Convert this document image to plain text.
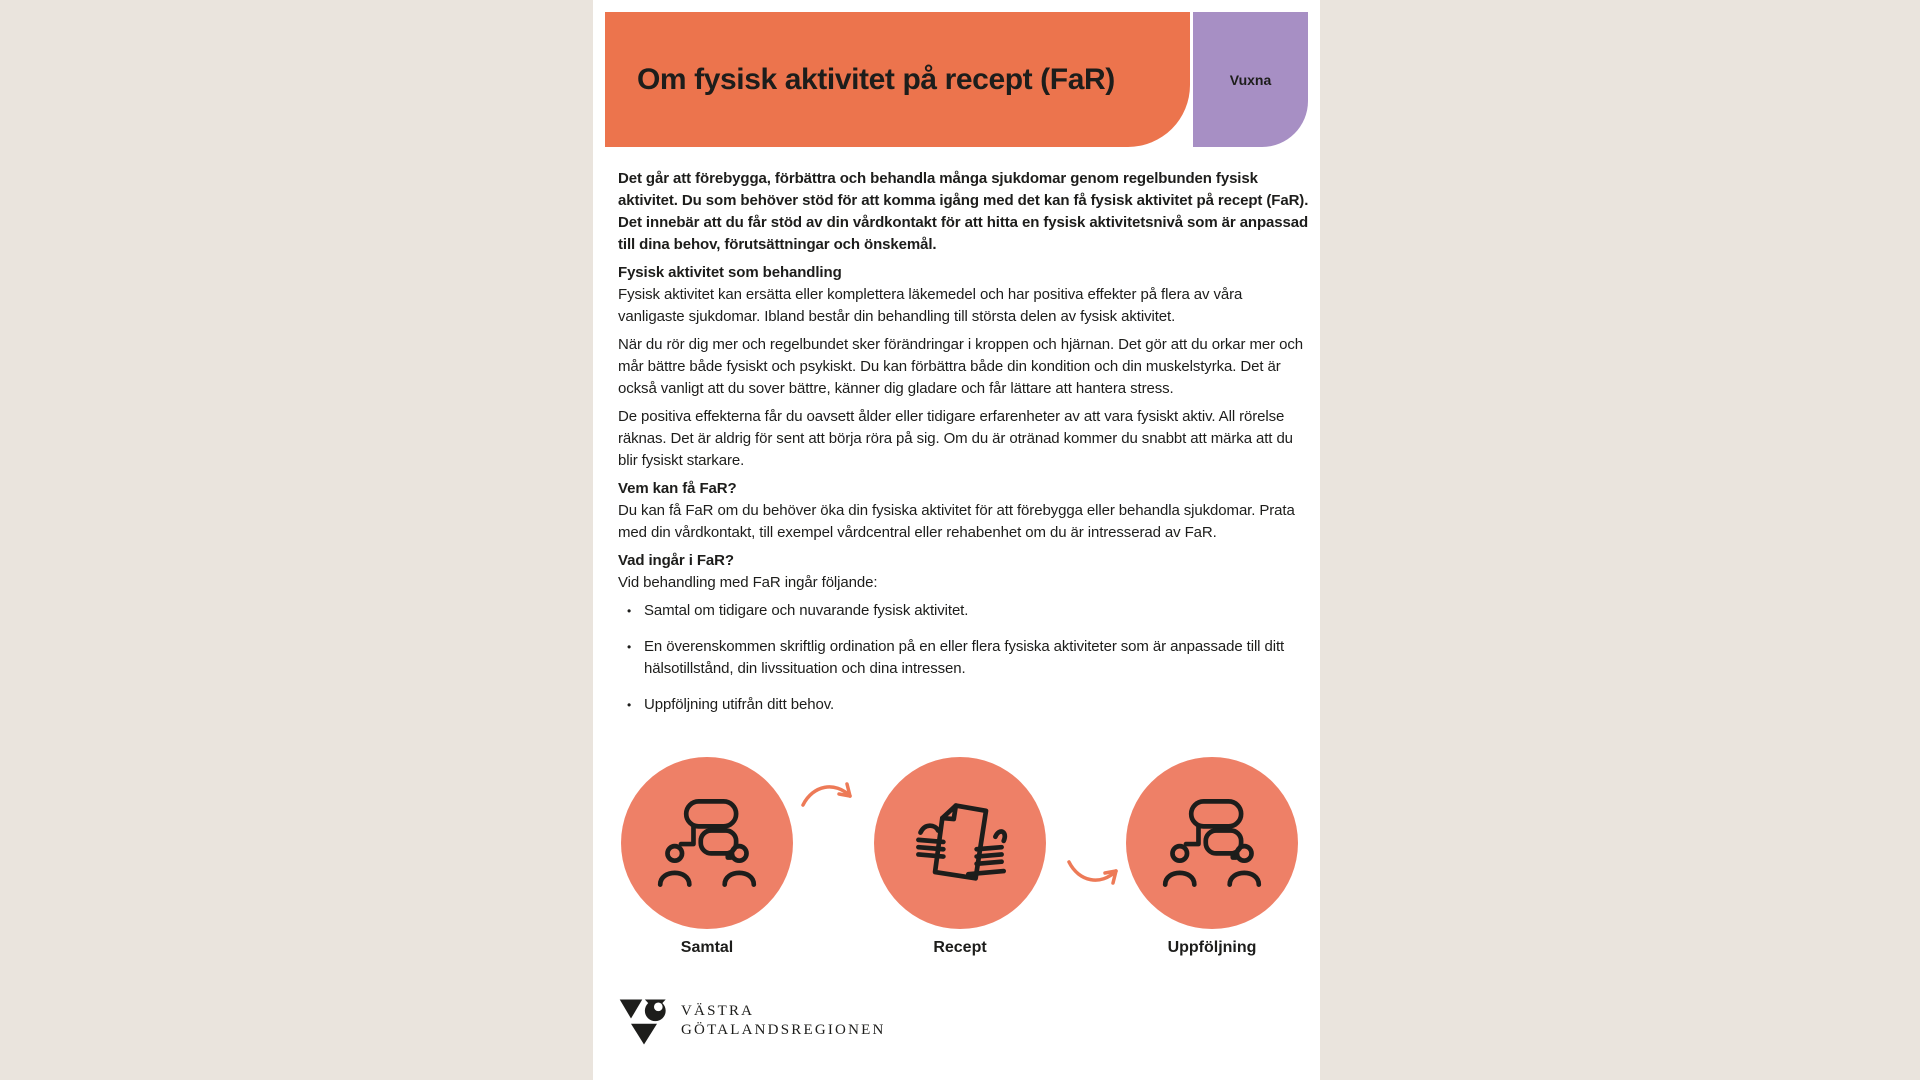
Om fysisk aktivitet på recept (FaR)	Vuxna

Det går att förebygga, förbättra och behandla många sjukdomar genom regelbunden fysisk aktivitet. Du som behöver stöd för att komma igång med det kan få fysisk aktivitet på recept (FaR). Det innebär att du får stöd av din vårdkontakt för att hitta en fysisk aktivitetsnivå som är anpassad till dina behov, förutsättningar och önskemål.

Fysisk aktivitet som behandling

Fysisk aktivitet kan ersätta eller komplettera läkemedel och har positiva effekter på flera av våra vanligaste sjukdomar. Ibland består din behandling till största delen av fysisk aktivitet.

När du rör dig mer och regelbundet sker förändringar i kroppen och hjärnan. Det gör att du orkar mer och mår bättre både fysiskt och psykiskt. Du kan förbättra både din kondition och din muskelstyrka. Det är också vanligt att du sover bättre, känner dig gladare och får lättare att hantera stress.

De positiva effekterna får du oavsett ålder eller tidigare erfarenheter av att vara fysiskt aktiv. All rörelse räknas. Det är aldrig för sent att börja röra på sig. Om du är otränad kommer du snabbt att märka att du blir fysiskt starkare.

Vem kan få FaR?

Du kan få FaR om du behöver öka din fysiska aktivitet för att förebygga eller behandla sjukdomar. Prata med din vårdkontakt, till exempel vårdcentral eller rehabenhet om du är intresserad av FaR.

Vad ingår i FaR?

Vid behandling med FaR ingår följande:

• Samtal om tidigare och nuvarande fysisk aktivitet.
• En överenskommen skriftlig ordination på en eller flera fysiska aktiviteter som är anpassade till ditt hälsotillstånd, din livssituation och dina intressen.
• Uppföljning utifrån ditt behov.
Samtal	Recept	Uppföljning
VÄSTRA
GÖTALANDSREGIONEN
